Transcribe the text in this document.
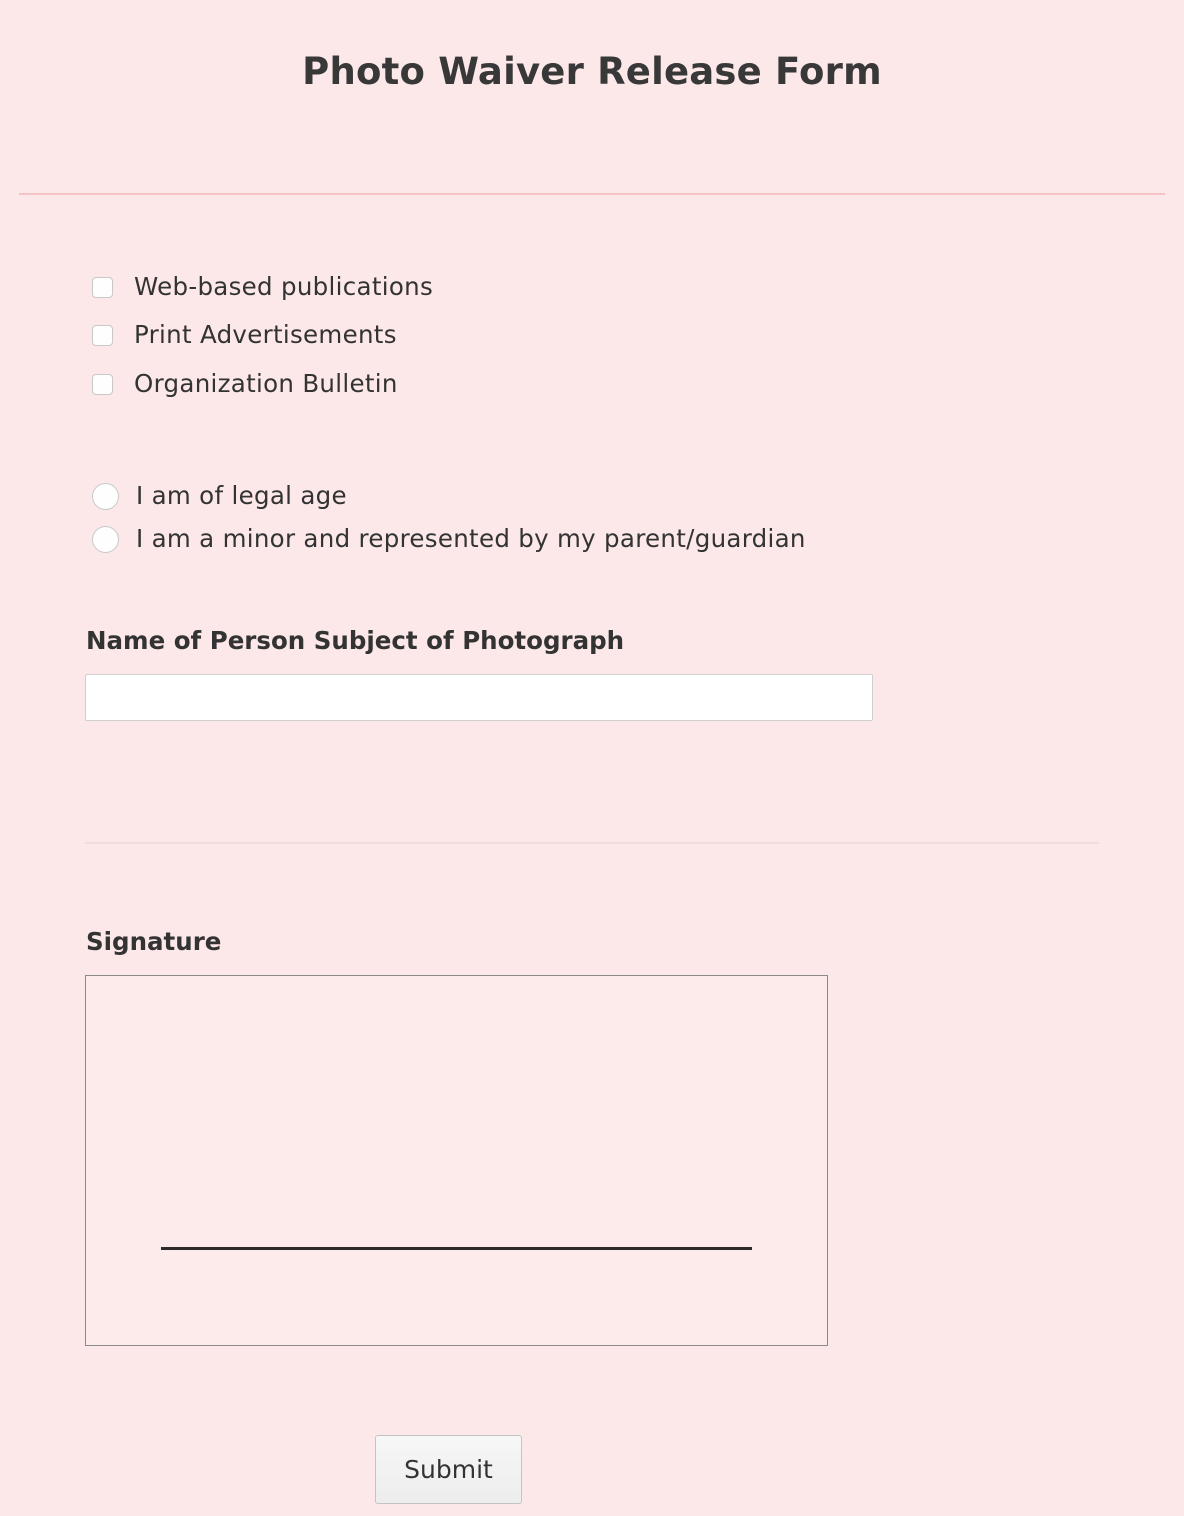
Photo Waiver Release Form
Web-based publications
Print Advertisements
Organization Bulletin
I am of legal age
I am a minor and represented by my parent/guardian
Name of Person Subject of Photograph
Signature
Submit
